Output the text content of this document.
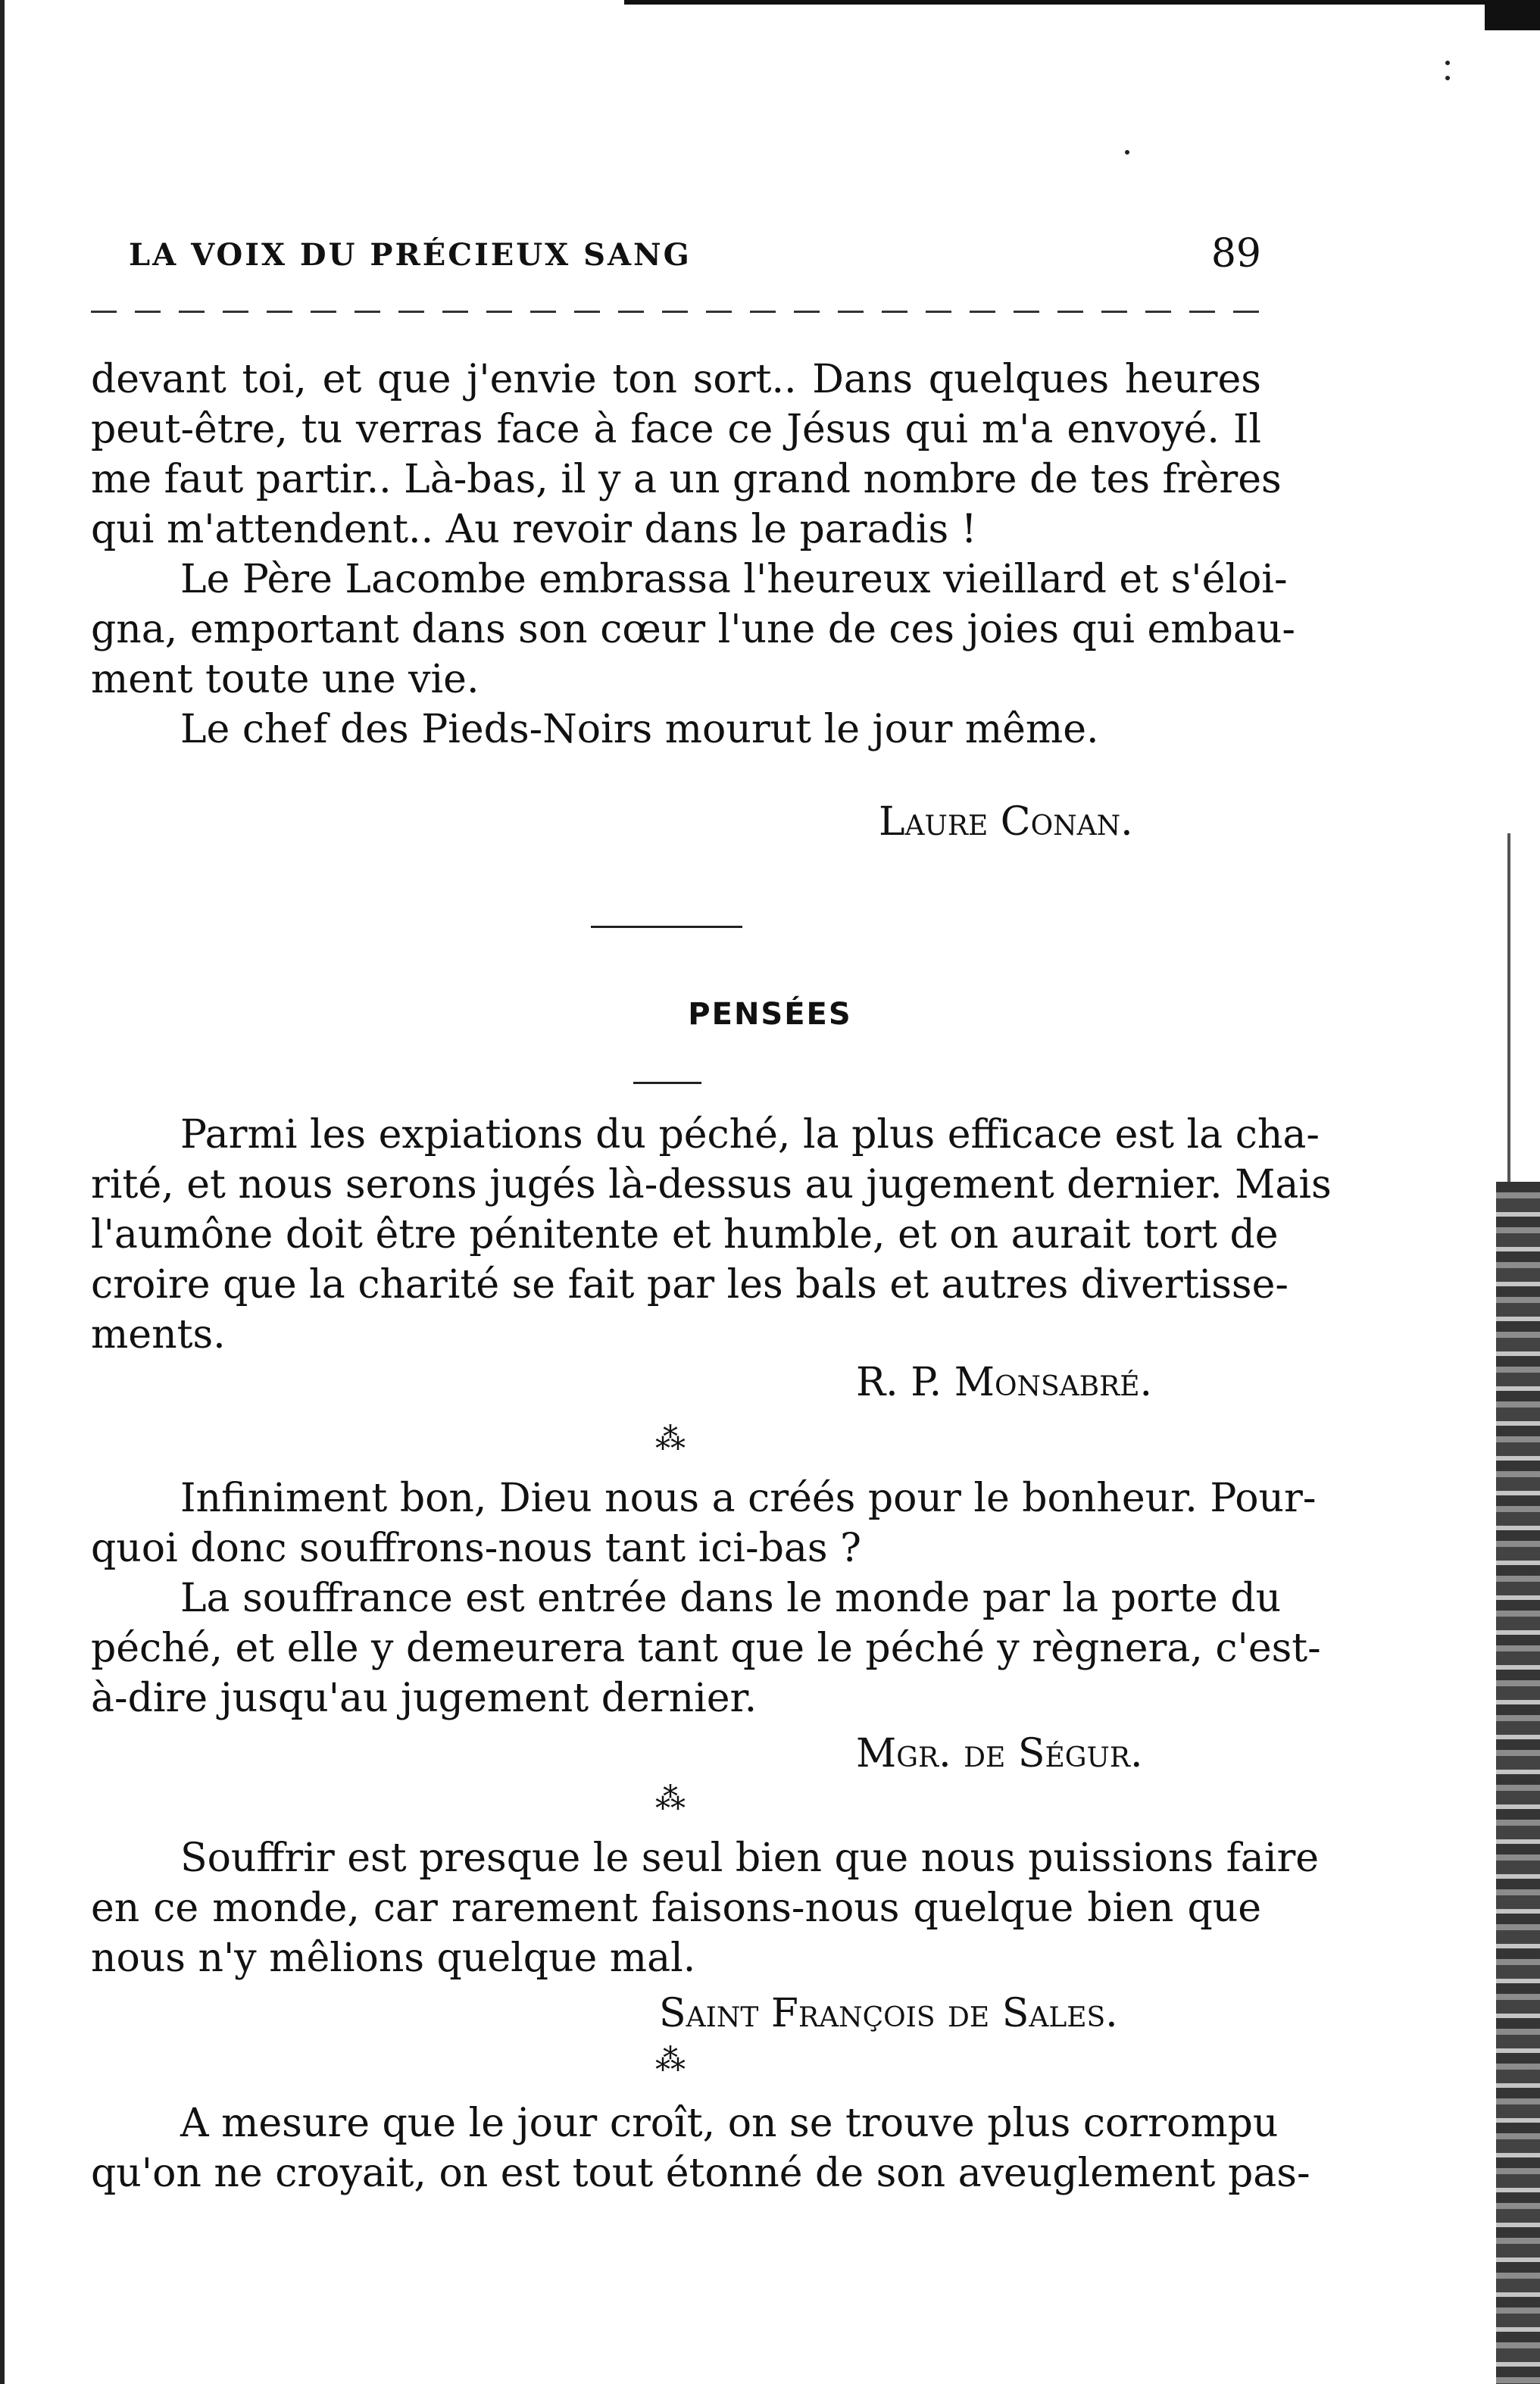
LA VOIX DU PRÉCIEUX SANG	89
devant toi, et que j'envie ton sort.. Dans quelques heures
peut-être, tu verras face à face ce Jésus qui m'a envoyé. Il
me faut partir.. Là-bas, il y a un grand nombre de tes frères
qui m'attendent.. Au revoir dans le paradis !
Le Père Lacombe embrassa l'heureux vieillard et s'éloi-
gna, emportant dans son cœur l'une de ces joies qui embau-
ment toute une vie.
Le chef des Pieds-Noirs mourut le jour même.
Laure Conan.
PENSÉES
Parmi les expiations du péché, la plus efficace est la cha-
rité, et nous serons jugés là-dessus au jugement dernier. Mais
l'aumône doit être pénitente et humble, et on aurait tort de
croire que la charité se fait par les bals et autres divertisse-
ments.
R. P. Monsabré.
⁂
Infiniment bon, Dieu nous a créés pour le bonheur. Pour-
quoi donc souffrons-nous tant ici-bas ?
La souffrance est entrée dans le monde par la porte du
péché, et elle y demeurera tant que le péché y règnera, c'est-
à-dire jusqu'au jugement dernier.
Mgr. de Ségur.
⁂
Souffrir est presque le seul bien que nous puissions faire
en ce monde, car rarement faisons-nous quelque bien que
nous n'y mêlions quelque mal.
Saint François de Sales.
⁂
A mesure que le jour croît, on se trouve plus corrompu
qu'on ne croyait, on est tout étonné de son aveuglement pas-
